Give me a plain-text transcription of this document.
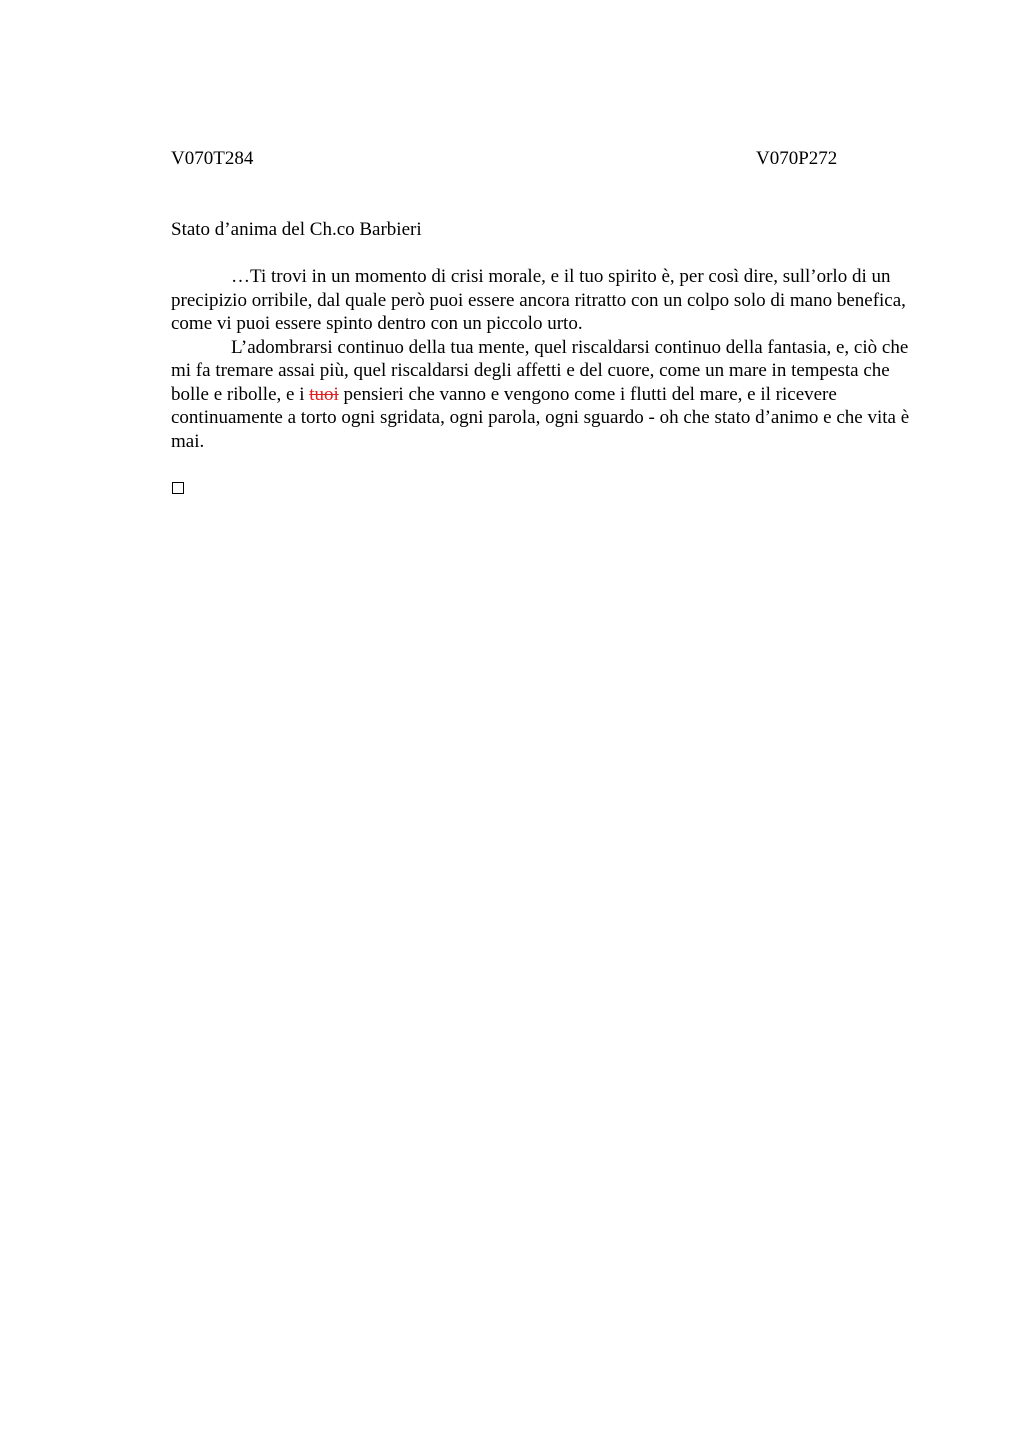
V070T284	V070P272
Stato d’anima del Ch.co Barbieri

…Ti trovi in un momento di crisi morale, e il tuo spirito è, per così dire, sull’orlo di un precipizio orribile, dal quale però puoi essere ancora ritratto con un colpo solo di mano benefica, come vi puoi essere spinto dentro con un piccolo urto.

L’adombrarsi continuo della tua mente, quel riscaldarsi continuo della fantasia, e, ciò che mi fa tremare assai più, quel riscaldarsi degli affetti e del cuore, come un mare in tempesta che bolle e ribolle, e i tuoi pensieri che vanno e vengono come i flutti del mare, e il ricevere continuamente a torto ogni sgridata, ogni parola, ogni sguardo - oh che stato d’animo e che vita è mai.
